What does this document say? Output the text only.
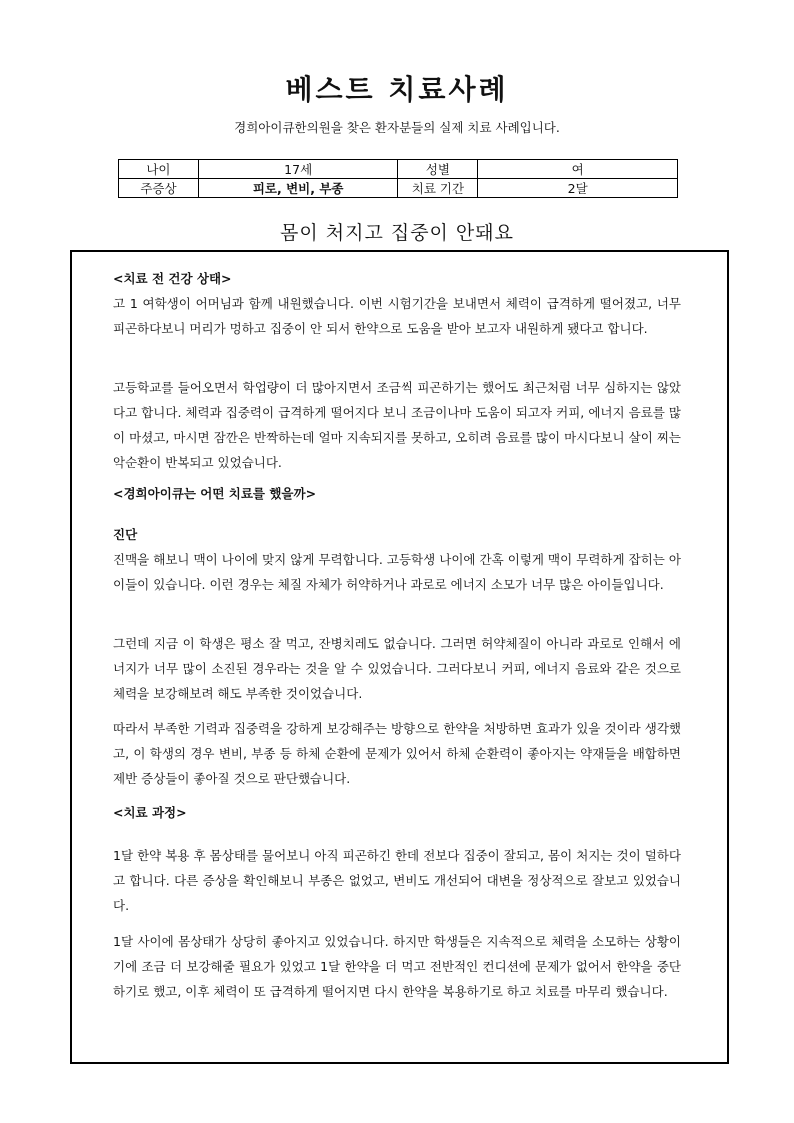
베스트 치료사례
경희아이큐한의원을 찾은 환자분들의 실제 치료 사례입니다.
나이	17세	성별	여
주증상	피로, 변비, 부종	치료 기간	2달
몸이 처지고 집중이 안돼요

<치료 전 건강 상태>

고 1 여학생이 어머님과 함께 내원했습니다. 이번 시험기간을 보내면서 체력이 급격하게 떨어졌고, 너무 피곤하다보니 머리가 멍하고 집중이 안 되서 한약으로 도움을 받아 보고자 내원하게 됐다고 합니다.

고등학교를 들어오면서 학업량이 더 많아지면서 조금씩 피곤하기는 했어도 최근처럼 너무 심하지는 않았다고 합니다. 체력과 집중력이 급격하게 떨어지다 보니 조금이나마 도움이 되고자 커피, 에너지 음료를 많이 마셨고, 마시면 잠깐은 반짝하는데 얼마 지속되지를 못하고, 오히려 음료를 많이 마시다보니 살이 찌는 악순환이 반복되고 있었습니다.

<경희아이큐는 어떤 치료를 했을까>

진단

진맥을 해보니 맥이 나이에 맞지 않게 무력합니다. 고등학생 나이에 간혹 이렇게 맥이 무력하게 잡히는 아이들이 있습니다. 이런 경우는 체질 자체가 허약하거나 과로로 에너지 소모가 너무 많은 아이들입니다.

그런데 지금 이 학생은 평소 잘 먹고, 잔병치레도 없습니다. 그러면 허약체질이 아니라 과로로 인해서 에너지가 너무 많이 소진된 경우라는 것을 알 수 있었습니다. 그러다보니 커피, 에너지 음료와 같은 것으로 체력을 보강해보려 해도 부족한 것이었습니다.

따라서 부족한 기력과 집중력을 강하게 보강해주는 방향으로 한약을 처방하면 효과가 있을 것이라 생각했고, 이 학생의 경우 변비, 부종 등 하체 순환에 문제가 있어서 하체 순환력이 좋아지는 약재들을 배합하면 제반 증상들이 좋아질 것으로 판단했습니다.

<치료 과정>

1달 한약 복용 후 몸상태를 물어보니 아직 피곤하긴 한데 전보다 집중이 잘되고, 몸이 처지는 것이 덜하다고 합니다. 다른 증상을 확인해보니 부종은 없었고, 변비도 개선되어 대변을 정상적으로 잘보고 있었습니다.

1달 사이에 몸상태가 상당히 좋아지고 있었습니다. 하지만 학생들은 지속적으로 체력을 소모하는 상황이기에 조금 더 보강해줄 필요가 있었고 1달 한약을 더 먹고 전반적인 컨디션에 문제가 없어서 한약을 중단하기로 했고, 이후 체력이 또 급격하게 떨어지면 다시 한약을 복용하기로 하고 치료를 마무리 했습니다.
